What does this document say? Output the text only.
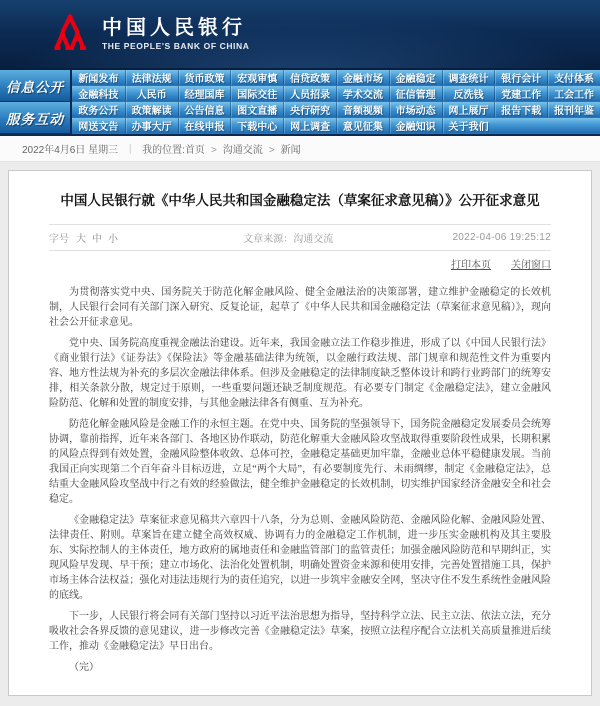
中国人民银行
THE PEOPLE'S BANK OF CHINA
信息公开	新闻发布	法律法规	货币政策	宏观审慎	信贷政策	金融市场	金融稳定	调查统计	银行会计	支付体系
金融科技	人民币	经理国库	国际交往	人员招录	学术交流	征信管理	反洗钱	党建工作	工会工作
服务互动	政务公开	政策解读	公告信息	图文直播	央行研究	音频视频	市场动态	网上展厅	报告下载	报刊年鉴
网送文告	办事大厅	在线申报	下载中心	网上调查	意见征集	金融知识	关于我们
2022年4月6日 星期三 ｜ 我的位置: 首页 > 沟通交流 > 新闻
中国人民银行就《中华人民共和国金融稳定法（草案征求意见稿）》公开征求意见
字号 大 中 小	文章来源：沟通交流	2022-04-06 19:25:12
打印本页 关闭窗口

为贯彻落实党中央、国务院关于防范化解金融风险、健全金融法治的决策部署，建立维护金融稳定的长效机制，人民银行会同有关部门深入研究、反复论证，起草了《中华人民共和国金融稳定法（草案征求意见稿）》，现向社会公开征求意见。

党中央、国务院高度重视金融法治建设。近年来，我国金融立法工作稳步推进，形成了以《中国人民银行法》《商业银行法》《证券法》《保险法》等金融基础法律为统领，以金融行政法规、部门规章和规范性文件为重要内容、地方性法规为补充的多层次金融法律体系。但涉及金融稳定的法律制度缺乏整体设计和跨行业跨部门的统筹安排，相关条款分散，规定过于原则，一些重要问题还缺乏制度规范。有必要专门制定《金融稳定法》，建立金融风险防范、化解和处置的制度安排，与其他金融法律各有侧重、互为补充。

防范化解金融风险是金融工作的永恒主题。在党中央、国务院的坚强领导下，国务院金融稳定发展委员会统筹协调，靠前指挥，近年来各部门、各地区协作联动，防范化解重大金融风险攻坚战取得重要阶段性成果，长期积累的风险点得到有效处置，金融风险整体收敛、总体可控，金融稳定基础更加牢靠，金融业总体平稳健康发展。当前我国正向实现第二个百年奋斗目标迈进，立足“两个大局”，有必要制度先行、未雨绸缪，制定《金融稳定法》，总结重大金融风险攻坚战中行之有效的经验做法，健全维护金融稳定的长效机制，切实维护国家经济金融安全和社会稳定。

《金融稳定法》草案征求意见稿共六章四十八条，分为总则、金融风险防范、金融风险化解、金融风险处置、法律责任、附则。草案旨在建立健全高效权威、协调有力的金融稳定工作机制，进一步压实金融机构及其主要股东、实际控制人的主体责任，地方政府的属地责任和金融监管部门的监管责任；加强金融风险防范和早期纠正，实现风险早发现、早干预；建立市场化、法治化处置机制，明确处置资金来源和使用安排，完善处置措施工具，保护市场主体合法权益；强化对违法违规行为的责任追究，以进一步筑牢金融安全网，坚决守住不发生系统性金融风险的底线。

下一步，人民银行将会同有关部门坚持以习近平法治思想为指导，坚持科学立法、民主立法、依法立法，充分吸收社会各界反馈的意见建议，进一步修改完善《金融稳定法》草案，按照立法程序配合立法机关高质量推进后续工作，推动《金融稳定法》早日出台。

（完）
